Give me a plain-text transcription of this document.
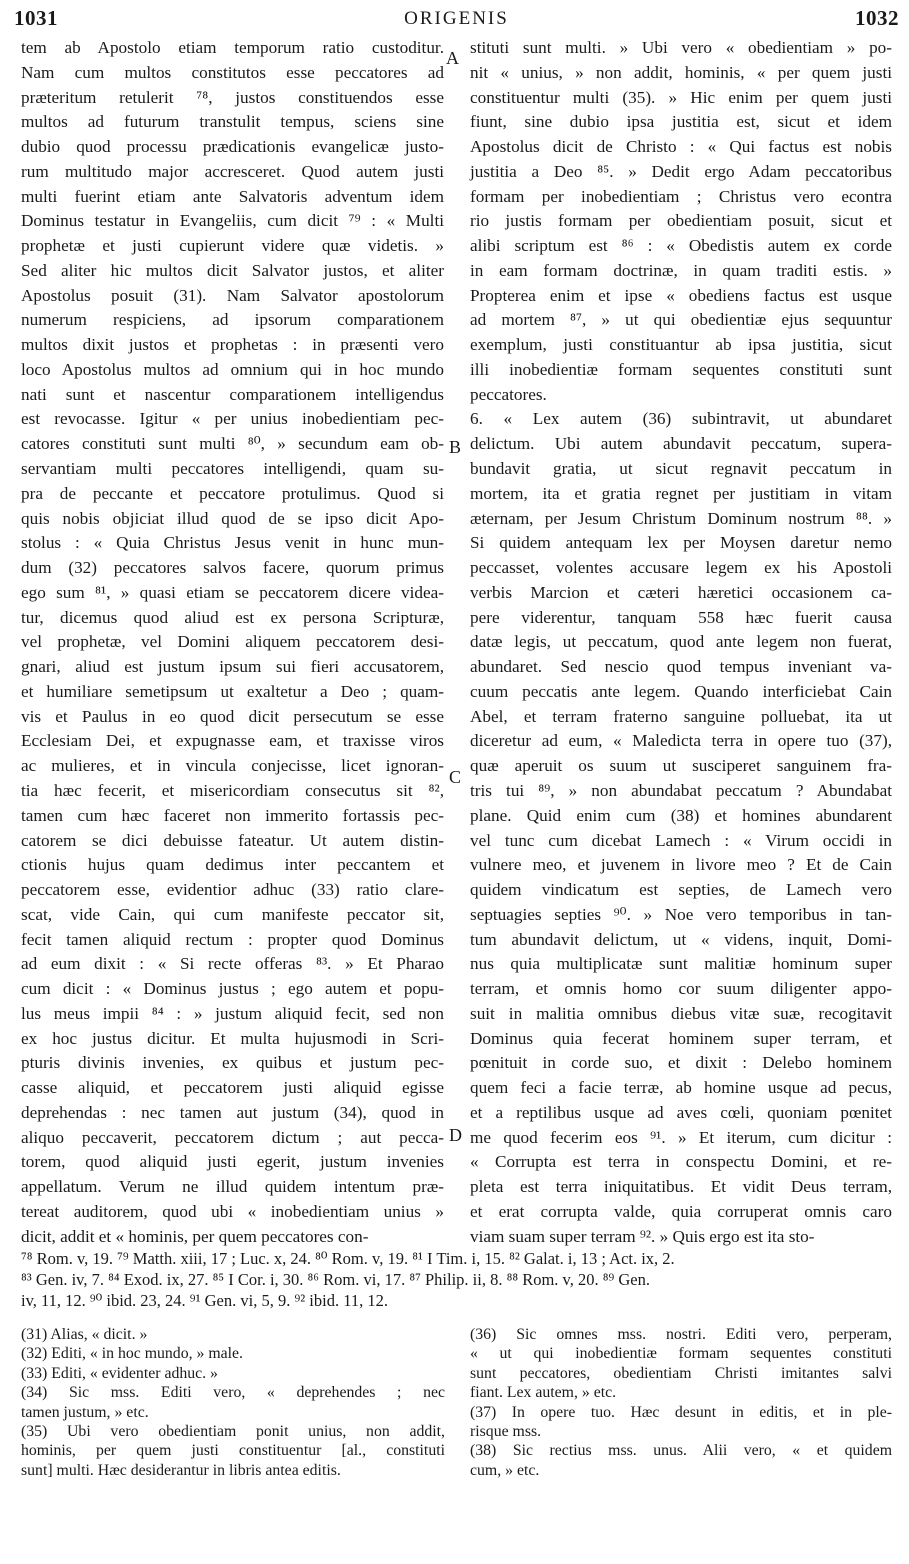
1031	ORIGENIS	1032
tem ab Apostolo etiam temporum ratio custoditur.
Nam cum multos constitutos esse peccatores ad
præteritum retulerit ⁷⁸, justos constituendos esse
multos ad futurum transtulit tempus, sciens sine
dubio quod processu prædicationis evangelicæ justo-
rum multitudo major accresceret. Quod autem justi
multi fuerint etiam ante Salvatoris adventum idem
Dominus testatur in Evangeliis, cum dicit ⁷⁹ : « Multi
prophetæ et justi cupierunt videre quæ videtis. »
Sed aliter hic multos dicit Salvator justos, et aliter
Apostolus posuit (31). Nam Salvator apostolorum
numerum respiciens, ad ipsorum comparationem
multos dixit justos et prophetas : in præsenti vero
loco Apostolus multos ad omnium qui in hoc mundo
nati sunt et nascentur comparationem intelligendus
est revocasse. Igitur « per unius inobedientiam pec-
catores constituti sunt multi ⁸⁰, » secundum eam ob-
servantiam multi peccatores intelligendi, quam su-
pra de peccante et peccatore protulimus. Quod si
quis nobis objiciat illud quod de se ipso dicit Apo-
stolus : « Quia Christus Jesus venit in hunc mun-
dum (32) peccatores salvos facere, quorum primus
ego sum ⁸¹, » quasi etiam se peccatorem dicere videa-
tur, dicemus quod aliud est ex persona Scripturæ,
vel prophetæ, vel Domini aliquem peccatorem desi-
gnari, aliud est justum ipsum sui fieri accusatorem,
et humiliare semetipsum ut exaltetur a Deo ; quam-
vis et Paulus in eo quod dicit persecutum se esse
Ecclesiam Dei, et expugnasse eam, et traxisse viros
ac mulieres, et in vincula conjecisse, licet ignoran-
tia hæc fecerit, et misericordiam consecutus sit ⁸²,
tamen cum hæc faceret non immerito fortassis pec-
catorem se dici debuisse fateatur. Ut autem distin-
ctionis hujus quam dedimus inter peccantem et
peccatorem esse, evidentior adhuc (33) ratio clare-
scat, vide Cain, qui cum manifeste peccator sit,
fecit tamen aliquid rectum : propter quod Dominus
ad eum dixit : « Si recte offeras ⁸³. » Et Pharao
cum dicit : « Dominus justus ; ego autem et popu-
lus meus impii ⁸⁴ : » justum aliquid fecit, sed non
ex hoc justus dicitur. Et multa hujusmodi in Scri-
pturis divinis invenies, ex quibus et justum pec-
casse aliquid, et peccatorem justi aliquid egisse
deprehendas : nec tamen aut justum (34), quod in
aliquo peccaverit, peccatorem dictum ; aut pecca-
torem, quod aliquid justi egerit, justum invenies
appellatum. Verum ne illud quidem intentum præ-
tereat auditorem, quod ubi « inobedientiam unius »
dicit, addit et « hominis, per quem peccatores con-
stituti sunt multi. » Ubi vero « obedientiam » po-
nit « unius, » non addit, hominis, « per quem justi
constituentur multi (35). » Hic enim per quem justi
fiunt, sine dubio ipsa justitia est, sicut et idem
Apostolus dicit de Christo : « Qui factus est nobis
justitia a Deo ⁸⁵. » Dedit ergo Adam peccatoribus
formam per inobedientiam ; Christus vero econtra
rio justis formam per obedientiam posuit, sicut et
alibi scriptum est ⁸⁶ : « Obedistis autem ex corde
in eam formam doctrinæ, in quam traditi estis. »
Propterea enim et ipse « obediens factus est usque
ad mortem ⁸⁷, » ut qui obedientiæ ejus sequuntur
exemplum, justi constituantur ab ipsa justitia, sicut
illi inobedientiæ formam sequentes constituti sunt
peccatores.
6. « Lex autem (36) subintravit, ut abundaret
delictum. Ubi autem abundavit peccatum, supera-
bundavit gratia, ut sicut regnavit peccatum in
mortem, ita et gratia regnet per justitiam in vitam
æternam, per Jesum Christum Dominum nostrum ⁸⁸. »
Si quidem antequam lex per Moysen daretur nemo
peccasset, volentes accusare legem ex his Apostoli
verbis Marcion et cæteri hæretici occasionem ca-
pere viderentur, tanquam 558 hæc fuerit causa
datæ legis, ut peccatum, quod ante legem non fuerat,
abundaret. Sed nescio quod tempus inveniant va-
cuum peccatis ante legem. Quando interficiebat Cain
Abel, et terram fraterno sanguine polluebat, ita ut
diceretur ad eum, « Maledicta terra in opere tuo (37),
quæ aperuit os suum ut susciperet sanguinem fra-
tris tui ⁸⁹, » non abundabat peccatum ? Abundabat
plane. Quid enim cum (38) et homines abundarent
vel tunc cum dicebat Lamech : « Virum occidi in
vulnere meo, et juvenem in livore meo ? Et de Cain
quidem vindicatum est septies, de Lamech vero
septuagies septies ⁹⁰. » Noe vero temporibus in tan-
tum abundavit delictum, ut « videns, inquit, Domi-
nus quia multiplicatæ sunt malitiæ hominum super
terram, et omnis homo cor suum diligenter appo-
suit in malitia omnibus diebus vitæ suæ, recogitavit
Dominus quia fecerat hominem super terram, et
pœnituit in corde suo, et dixit : Delebo hominem
quem feci a facie terræ, ab homine usque ad pecus,
et a reptilibus usque ad aves cœli, quoniam pœnitet
me quod fecerim eos ⁹¹. » Et iterum, cum dicitur :
« Corrupta est terra in conspectu Domini, et re-
pleta est terra iniquitatibus. Et vidit Deus terram,
et erat corrupta valde, quia corruperat omnis caro
viam suam super terram ⁹². » Quis ergo est ita sto-
A
B
C
D
⁷⁸ Rom. v, 19. ⁷⁹ Matth. xiii, 17 ; Luc. x, 24. ⁸⁰ Rom. v, 19. ⁸¹ I Tim. i, 15. ⁸² Galat. i, 13 ; Act. ix, 2.
⁸³ Gen. iv, 7. ⁸⁴ Exod. ix, 27. ⁸⁵ I Cor. i, 30. ⁸⁶ Rom. vi, 17. ⁸⁷ Philip. ii, 8. ⁸⁸ Rom. v, 20. ⁸⁹ Gen.
iv, 11, 12. ⁹⁰ ibid. 23, 24. ⁹¹ Gen. vi, 5, 9. ⁹² ibid. 11, 12.
(31) Alias, « dicit. »
(32) Editi, « in hoc mundo, » male.
(33) Editi, « evidenter adhuc. »
(34) Sic mss. Editi vero, « deprehendes ; nec
tamen justum, » etc.
(35) Ubi vero obedientiam ponit unius, non addit,
hominis, per quem justi constituentur [al., constituti
sunt] multi. Hæc desiderantur in libris antea editis.
(36) Sic omnes mss. nostri. Editi vero, perperam,
« ut qui inobedientiæ formam sequentes constituti
sunt peccatores, obedientiam Christi imitantes salvi
fiant. Lex autem, » etc.
(37) In opere tuo. Hæc desunt in editis, et in ple-
risque mss.
(38) Sic rectius mss. unus. Alii vero, « et quidem
cum, » etc.
